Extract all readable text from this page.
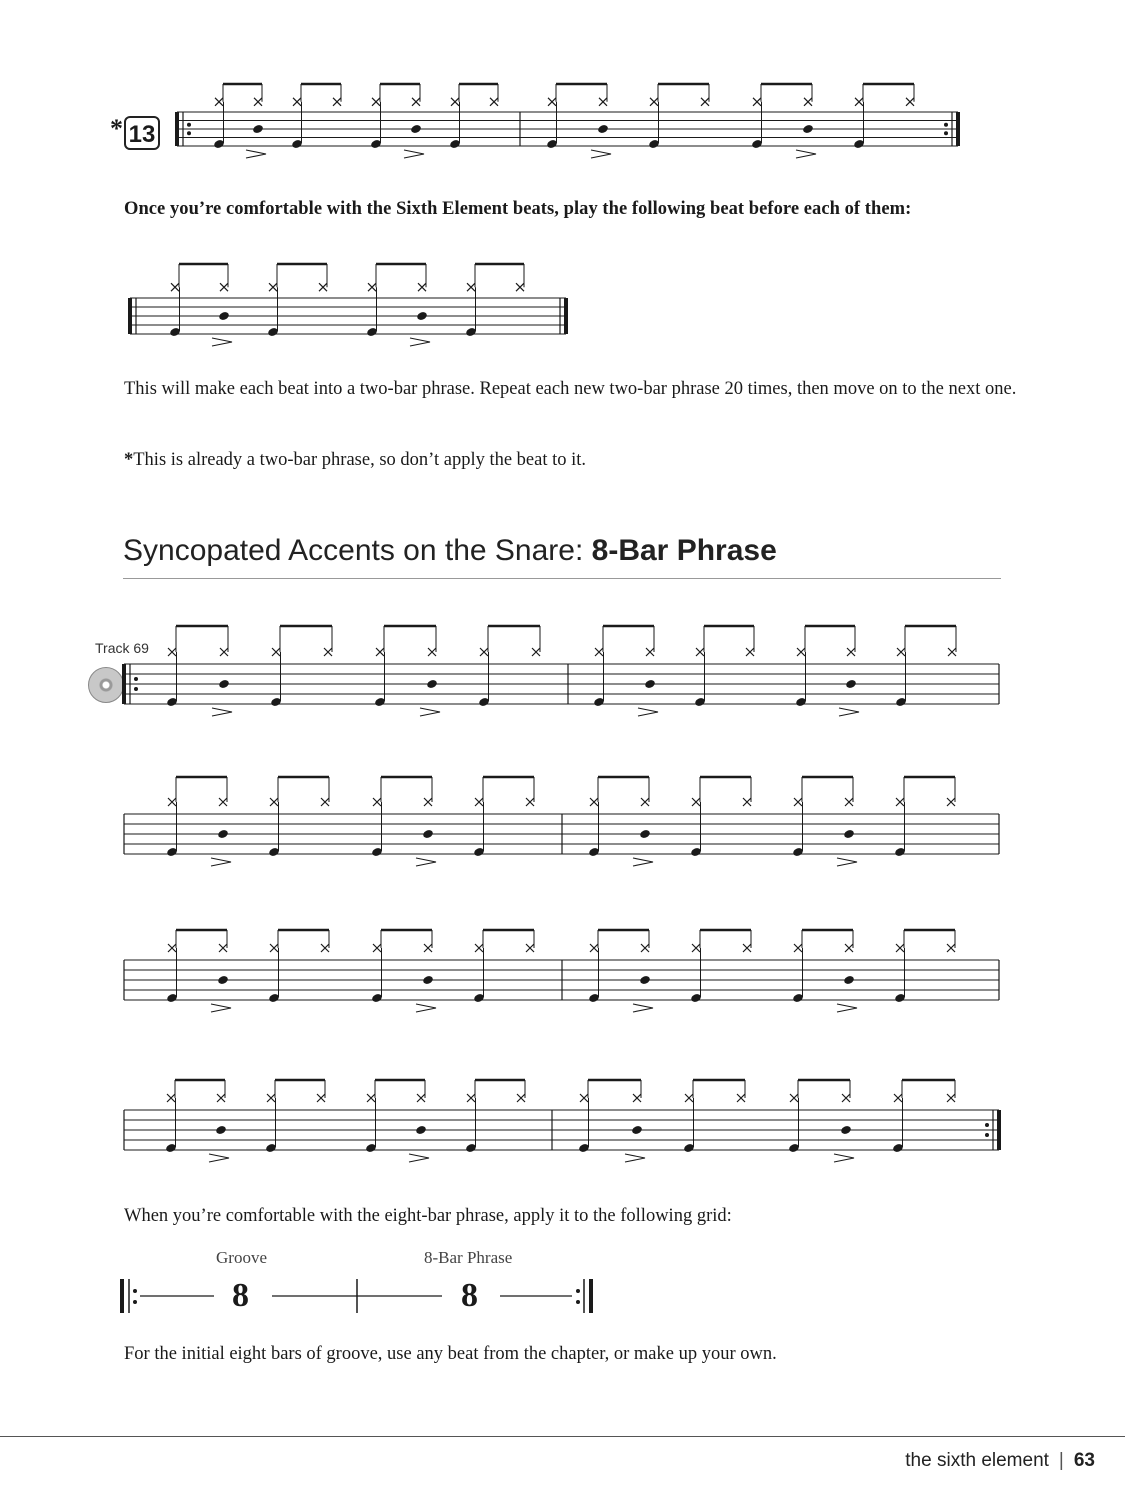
* 13
Once you’re comfortable with the Sixth Element beats, play the following beat before each of them:
This will make each beat into a two-bar phrase. Repeat each new two-bar phrase 20 times, then move on to the next one.
*This is already a two-bar phrase, so don’t apply the beat to it.
Syncopated Accents on the Snare: 8-Bar Phrase
Track 69
When you’re comfortable with the eight-bar phrase, apply it to the following grid:
Groove	8-Bar Phrase
8	8
For the initial eight bars of groove, use any beat from the chapter, or make up your own.
the sixth element | 63
